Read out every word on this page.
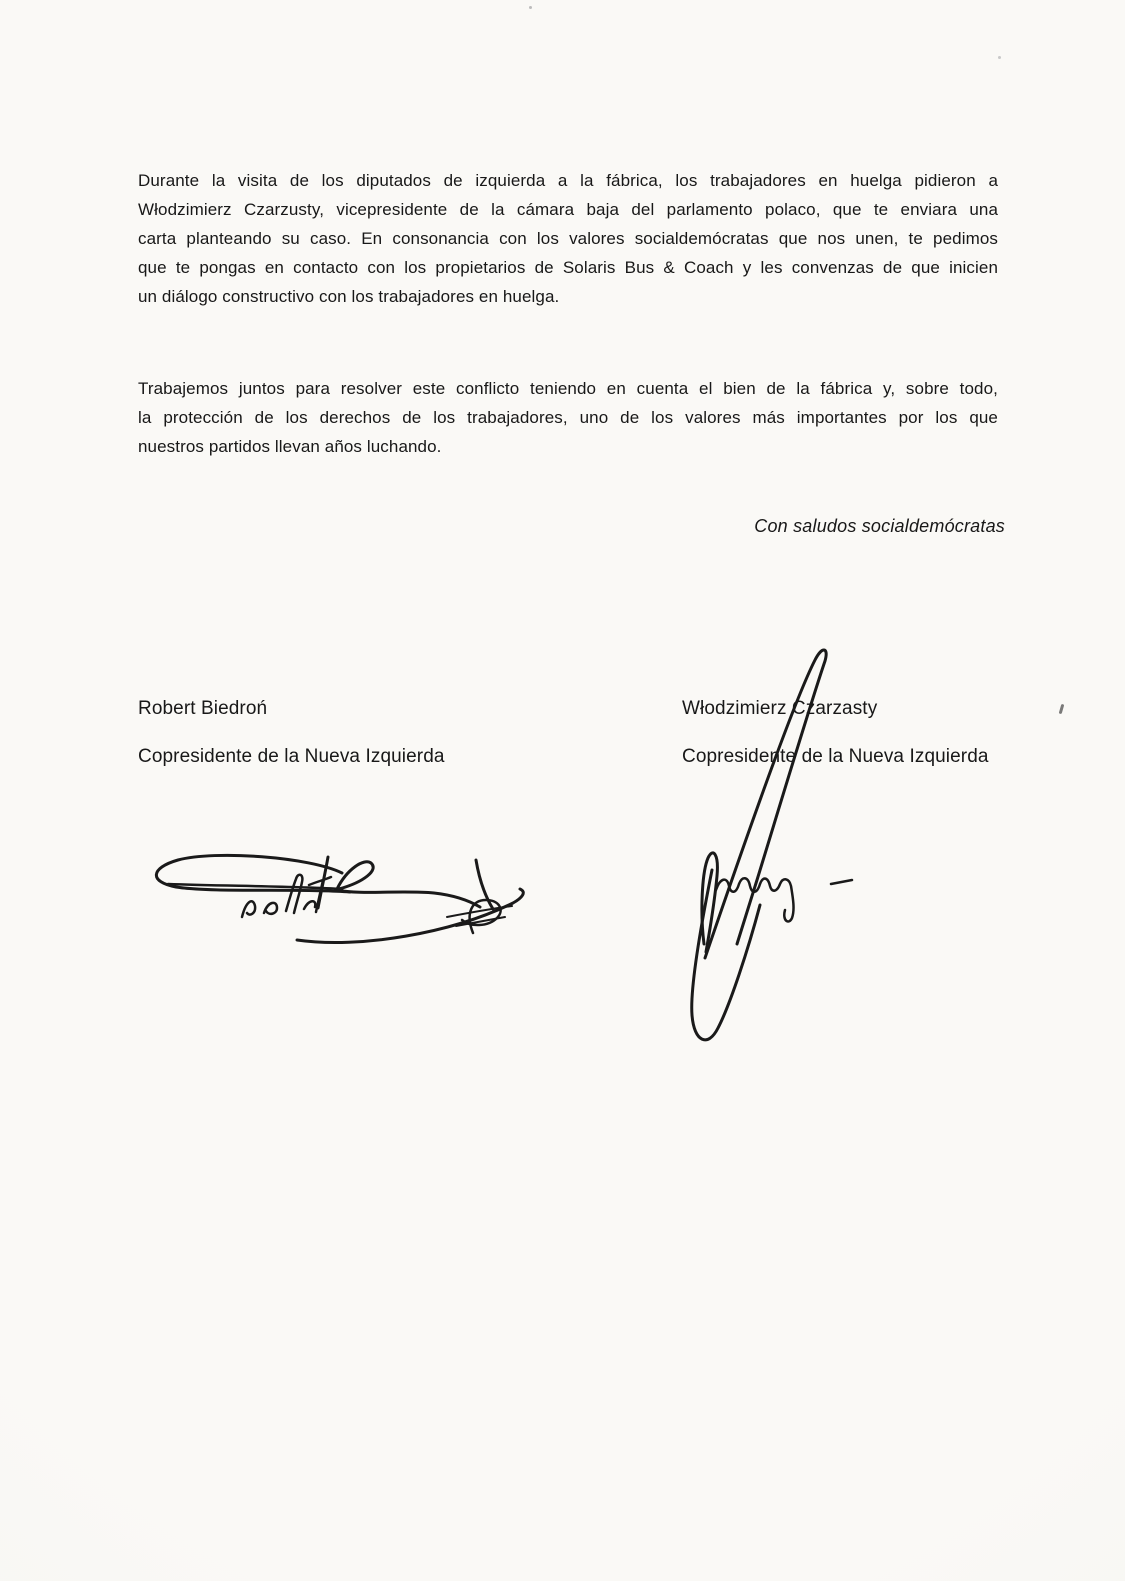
Durante la visita de los diputados de izquierda a la fábrica, los trabajadores en huelga pidieron a
Włodzimierz Czarzusty, vicepresidente de la cámara baja del parlamento polaco, que te enviara una
carta planteando su caso. En consonancia con los valores socialdemócratas que nos unen, te pedimos
que te pongas en contacto con los propietarios de Solaris Bus & Coach y les convenzas de que inicien
un diálogo constructivo con los trabajadores en huelga.
Trabajemos juntos para resolver este conflicto teniendo en cuenta el bien de la fábrica y, sobre todo,
la protección de los derechos de los trabajadores, uno de los valores más importantes por los que
nuestros partidos llevan años luchando.
Con saludos socialdemócratas
Robert Biedroń
Copresidente de la Nueva Izquierda
Włodzimierz Czarzasty
Copresidente de la Nueva Izquierda
